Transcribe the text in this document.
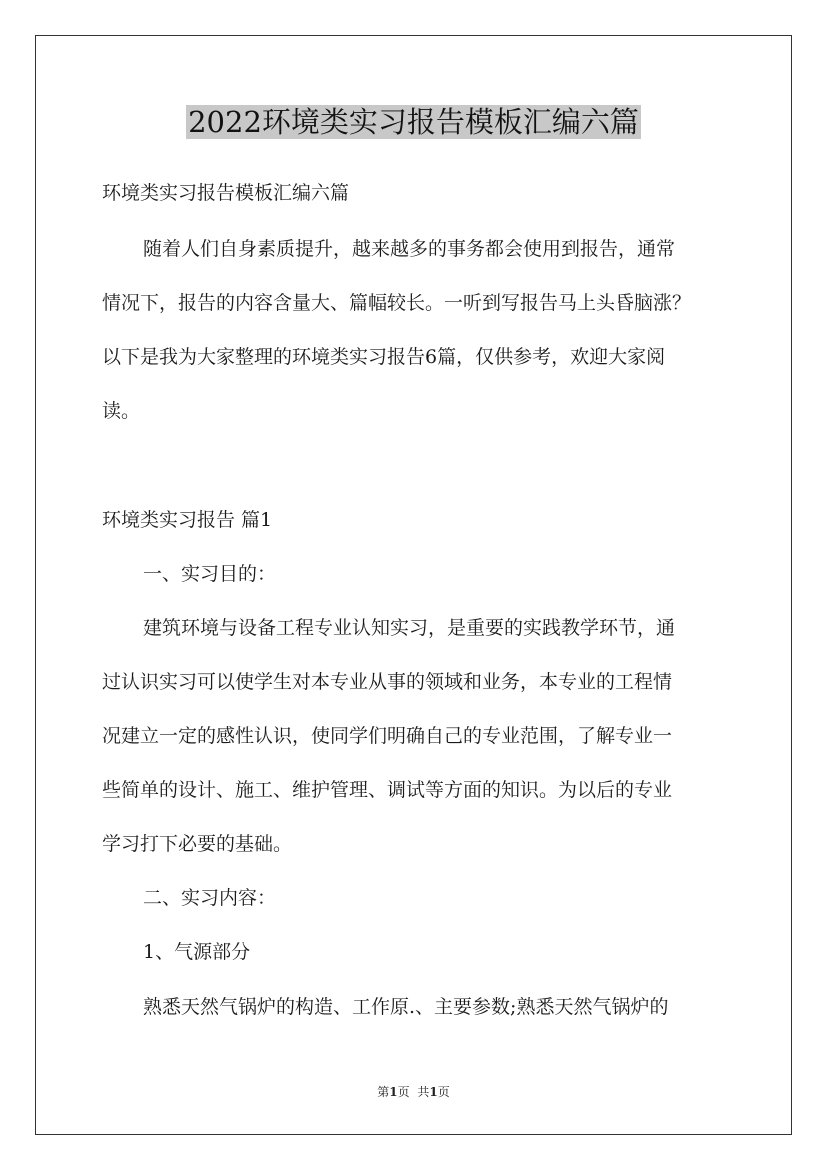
2022环境类实习报告模板汇编六篇
环境类实习报告模板汇编六篇
随着人们自身素质提升，越来越多的事务都会使用到报告，通常
情况下，报告的内容含量大、篇幅较长。一听到写报告马上头昏脑涨？
以下是我为大家整理的环境类实习报告6篇，仅供参考，欢迎大家阅
读。
环境类实习报告 篇1
一、实习目的：
建筑环境与设备工程专业认知实习，是重要的实践教学环节，通
过认识实习可以使学生对本专业从事的领域和业务，本专业的工程情
况建立一定的感性认识，使同学们明确自己的专业范围，了解专业一
些简单的设计、施工、维护管理、调试等方面的知识。为以后的专业
学习打下必要的基础。
二、实习内容：
1、气源部分
熟悉天然气锅炉的构造、工作原.、主要参数;熟悉天然气锅炉的
第1页 共1页
